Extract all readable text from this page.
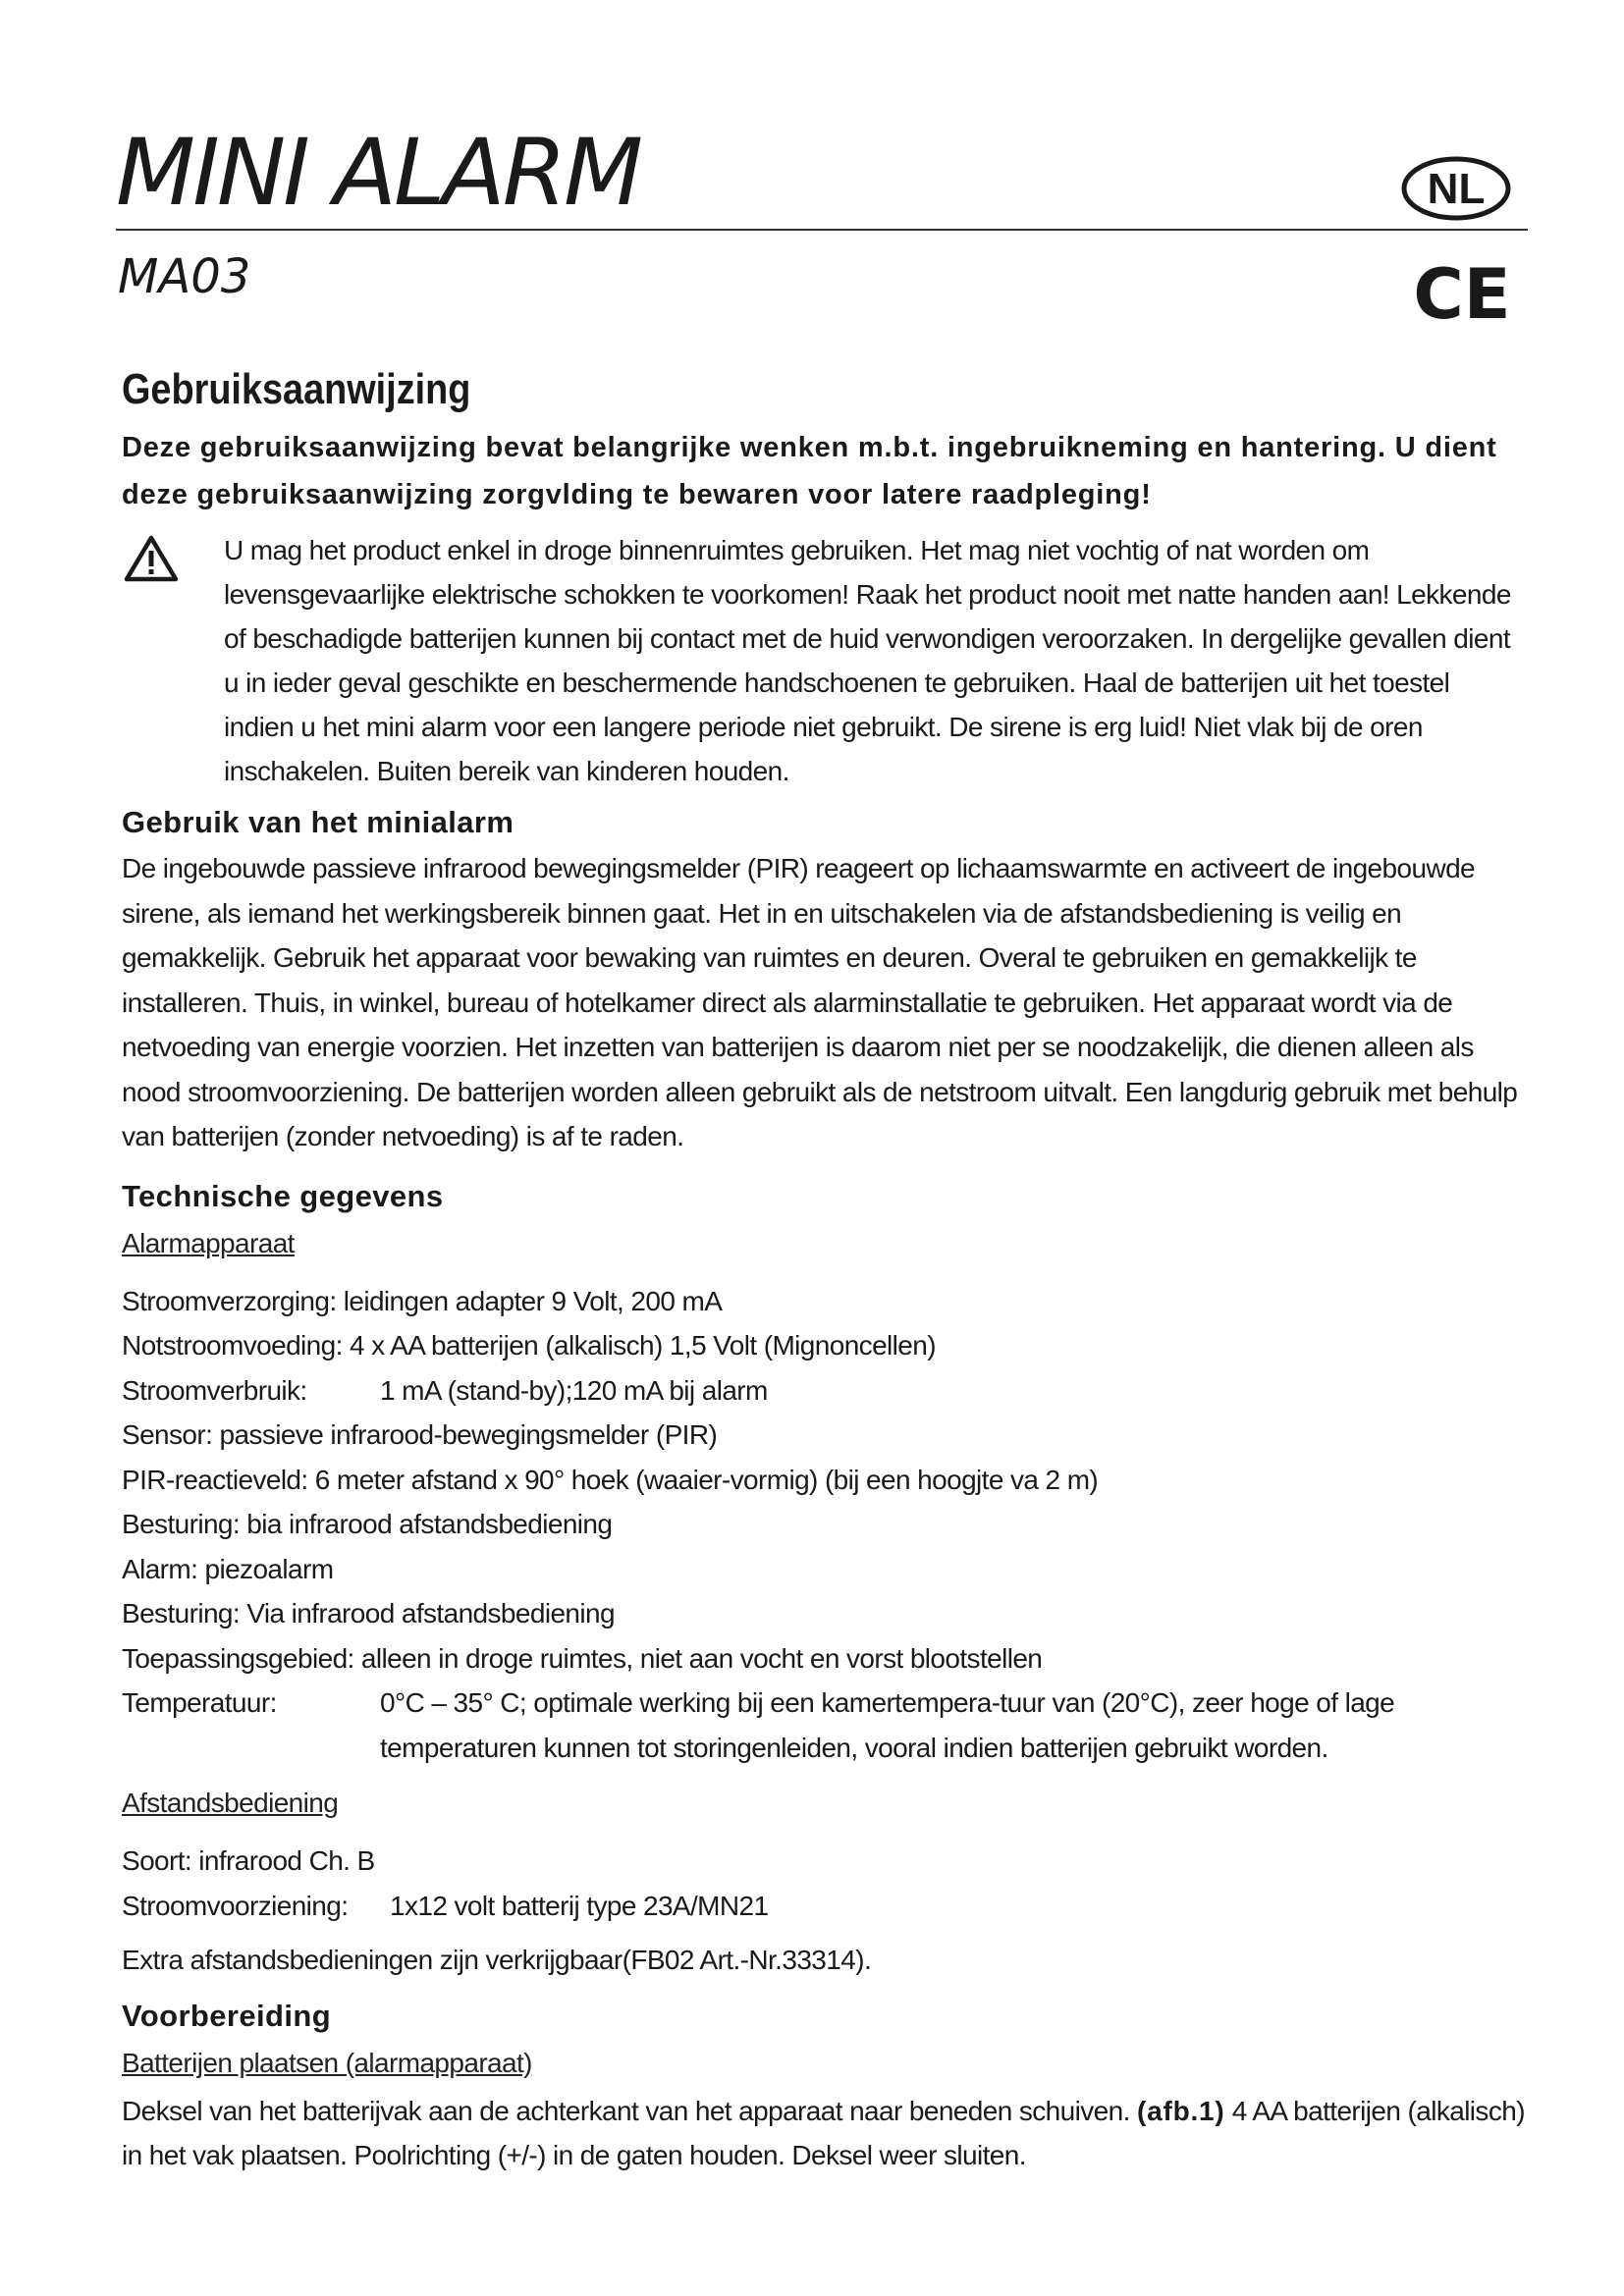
MINI ALARM
MA03
NL
CE
Gebruiksaanwijzing

Deze gebruiksaanwijzing bevat belangrijke wenken m.b.t. ingebruikneming en hantering. U dient deze gebruiksaanwijzing zorgvlding te bewaren voor latere raadpleging!

U mag het product enkel in droge binnenruimtes gebruiken. Het mag niet vochtig of nat worden om levensgevaarlijke elektrische schokken te voorkomen! Raak het product nooit met natte handen aan! Lekkende of beschadigde batterijen kunnen bij contact met de huid verwondigen veroorzaken. In dergelijke gevallen dient u in ieder geval geschikte en beschermende handschoenen te gebruiken. Haal de batterijen uit het toestel indien u het mini alarm voor een langere periode niet gebruikt. De sirene is erg luid! Niet vlak bij de oren inschakelen. Buiten bereik van kinderen houden.
Gebruik van het minialarm

De ingebouwde passieve infrarood bewegingsmelder (PIR) reageert op lichaamswarmte en activeert de ingebouwde sirene, als iemand het werkingsbereik binnen gaat. Het in en uitschakelen via de afstandsbediening is veilig en gemakkelijk. Gebruik het apparaat voor bewaking van ruimtes en deuren. Overal te gebruiken en gemakkelijk te installeren. Thuis, in winkel, bureau of hotelkamer direct als alarminstallatie te gebruiken. Het apparaat wordt via de netvoeding van energie voorzien. Het inzetten van batterijen is daarom niet per se noodzakelijk, die dienen alleen als nood stroomvoorziening. De batterijen worden alleen gebruikt als de netstroom uitvalt. Een langdurig gebruik met behulp van batterijen (zonder netvoeding) is af te raden.

Technische gegevens
Alarmapparaat
Stroomverzorging: leidingen adapter 9 Volt, 200 mA
Notstroomvoeding: 4 x AA batterijen (alkalisch) 1,5 Volt (Mignoncellen)
Stroomverbruik:	1 mA (stand-by);120 mA bij alarm
Sensor: passieve infrarood-bewegingsmelder (PIR)
PIR-reactieveld: 6 meter afstand x 90° hoek (waaier-vormig) (bij een hoogjte va 2 m)
Besturing: bia infrarood afstandsbediening
Alarm: piezoalarm
Besturing: Via infrarood afstandsbediening
Toepassingsgebied: alleen in droge ruimtes, niet aan vocht en vorst blootstellen
Temperatuur:	0°C – 35° C; optimale werking bij een kamertempera-tuur van (20°C), zeer hoge of lage temperaturen kunnen tot storingenleiden, vooral indien batterijen gebruikt worden.
Afstandsbediening
Soort: infrarood Ch. B
Stroomvoorziening:	1x12 volt batterij type 23A/MN21
Extra afstandsbedieningen zijn verkrijgbaar(FB02 Art.-Nr.33314).
Voorbereiding
Batterijen plaatsen (alarmapparaat)

Deksel van het batterijvak aan de achterkant van het apparaat naar beneden schuiven. (afb.1) 4 AA batterijen (alkalisch) in het vak plaatsen. Poolrichting (+/-) in de gaten houden. Deksel weer sluiten.
